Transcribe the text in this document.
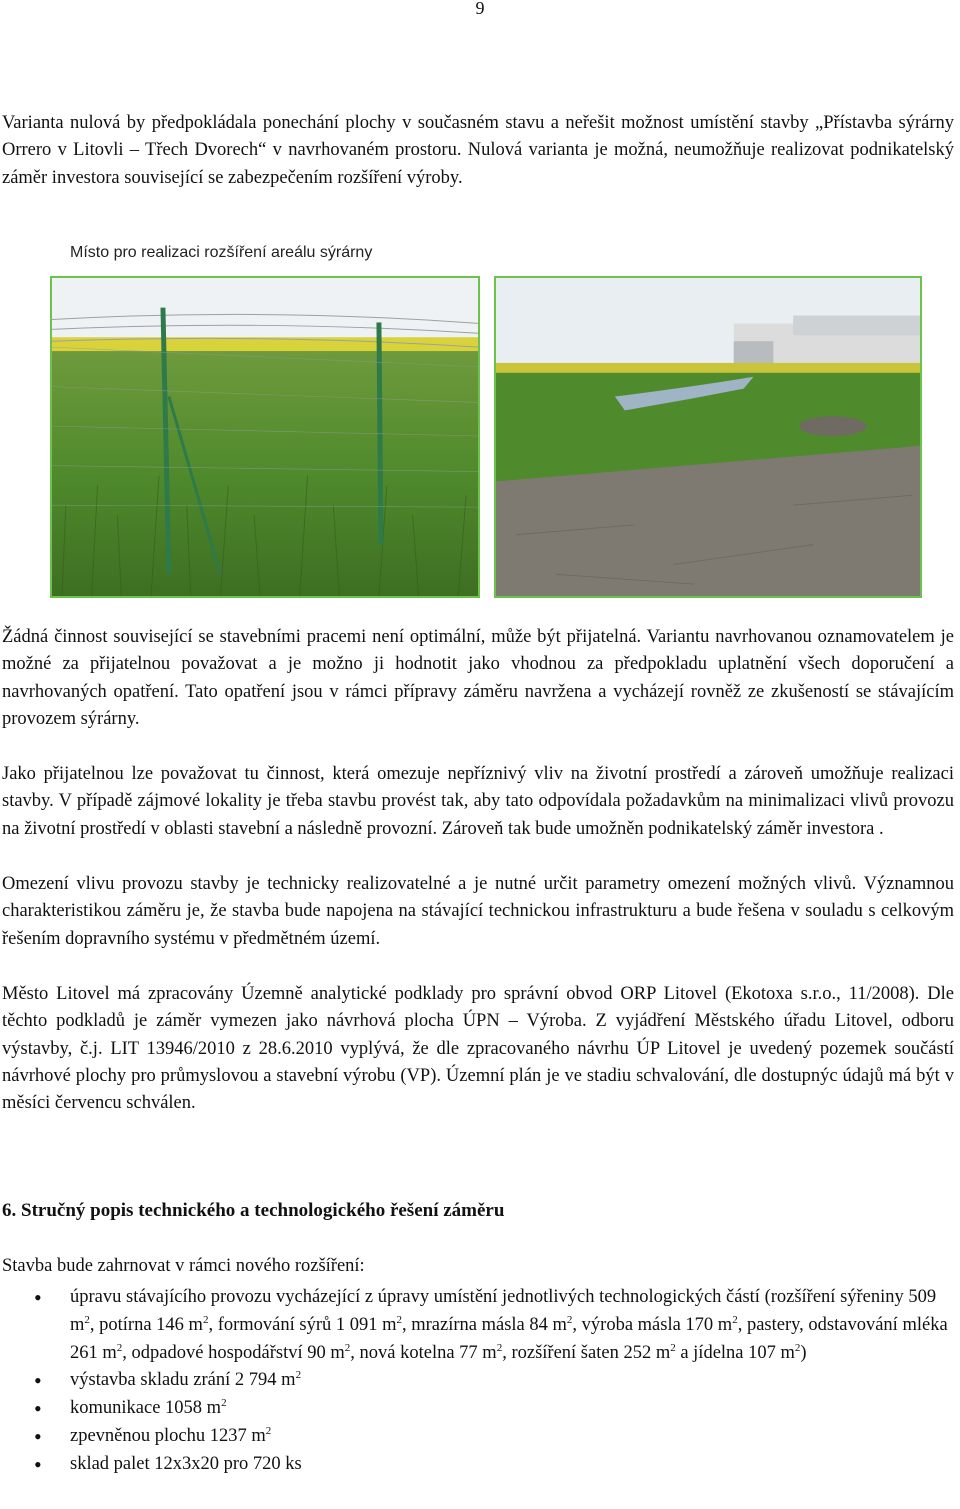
9

Varianta nulová by předpokládala ponechání plochy v současném stavu a neřešit možnost umístění stavby „Přístavba sýrárny Orrero v Litovli – Třech Dvorech“ v navrhovaném prostoru. Nulová varianta je možná, neumožňuje realizovat podnikatelský záměr investora související se zabezpečením rozšíření výroby.

Místo pro realizaci rozšíření areálu sýrárny

Žádná činnost související se stavebními pracemi není optimální, může být přijatelná. Variantu navrhovanou oznamovatelem je možné za přijatelnou považovat a je možno ji hodnotit jako vhodnou za předpokladu uplatnění všech doporučení a navrhovaných opatření. Tato opatření jsou v rámci přípravy záměru navržena a vycházejí rovněž ze zkušeností se stávajícím provozem sýrárny.

Jako přijatelnou lze považovat tu činnost, která omezuje nepříznivý vliv na životní prostředí a zároveň umožňuje realizaci stavby. V případě zájmové lokality je třeba stavbu provést tak, aby tato odpovídala požadavkům na minimalizaci vlivů provozu na životní prostředí v oblasti stavební a následně provozní. Zároveň tak bude umožněn podnikatelský záměr investora .

Omezení vlivu provozu stavby je technicky realizovatelné a je nutné určit parametry omezení možných vlivů. Významnou charakteristikou záměru je, že stavba bude napojena na stávající technickou infrastrukturu a bude řešena v souladu s celkovým řešením dopravního systému v předmětném území.

Město Litovel má zpracovány Územně analytické podklady pro správní obvod ORP Litovel (Ekotoxa s.r.o., 11/2008). Dle těchto podkladů je záměr vymezen jako návrhová plocha ÚPN – Výroba. Z vyjádření Městského úřadu Litovel, odboru výstavby, č.j. LIT 13946/2010 z 28.6.2010 vyplývá, že dle zpracovaného návrhu ÚP Litovel je uvedený pozemek součástí návrhové plochy pro průmyslovou a stavební výrobu (VP). Územní plán je ve stadiu schvalování, dle dostupnýc údajů má být v měsíci červencu schválen.

6. Stručný popis technického a technologického řešení záměru

Stavba bude zahrnovat v rámci nového rozšíření:

• úpravu stávajícího provozu vycházející z úpravy umístění jednotlivých technologických částí (rozšíření sýřeniny 509 $m^2$, potírna 146 $m^2$, formování sýrů 1 091 $m^2$, mrazírna másla 84 $m^2$, výroba másla 170 $m^2$, pastery, odstavování mléka 261 $m^2$, odpadové hospodářství 90 $m^2$, nová kotelna 77 $m^2$, rozšíření šaten 252 $m^2$ a jídelna 107 $m^2$)
• výstavba skladu zrání 2 794 $m^2$
• komunikace 1058 $m^2$
• zpevněnou plochu 1237 $m^2$
• sklad palet 12x3x20 pro 720 ks
